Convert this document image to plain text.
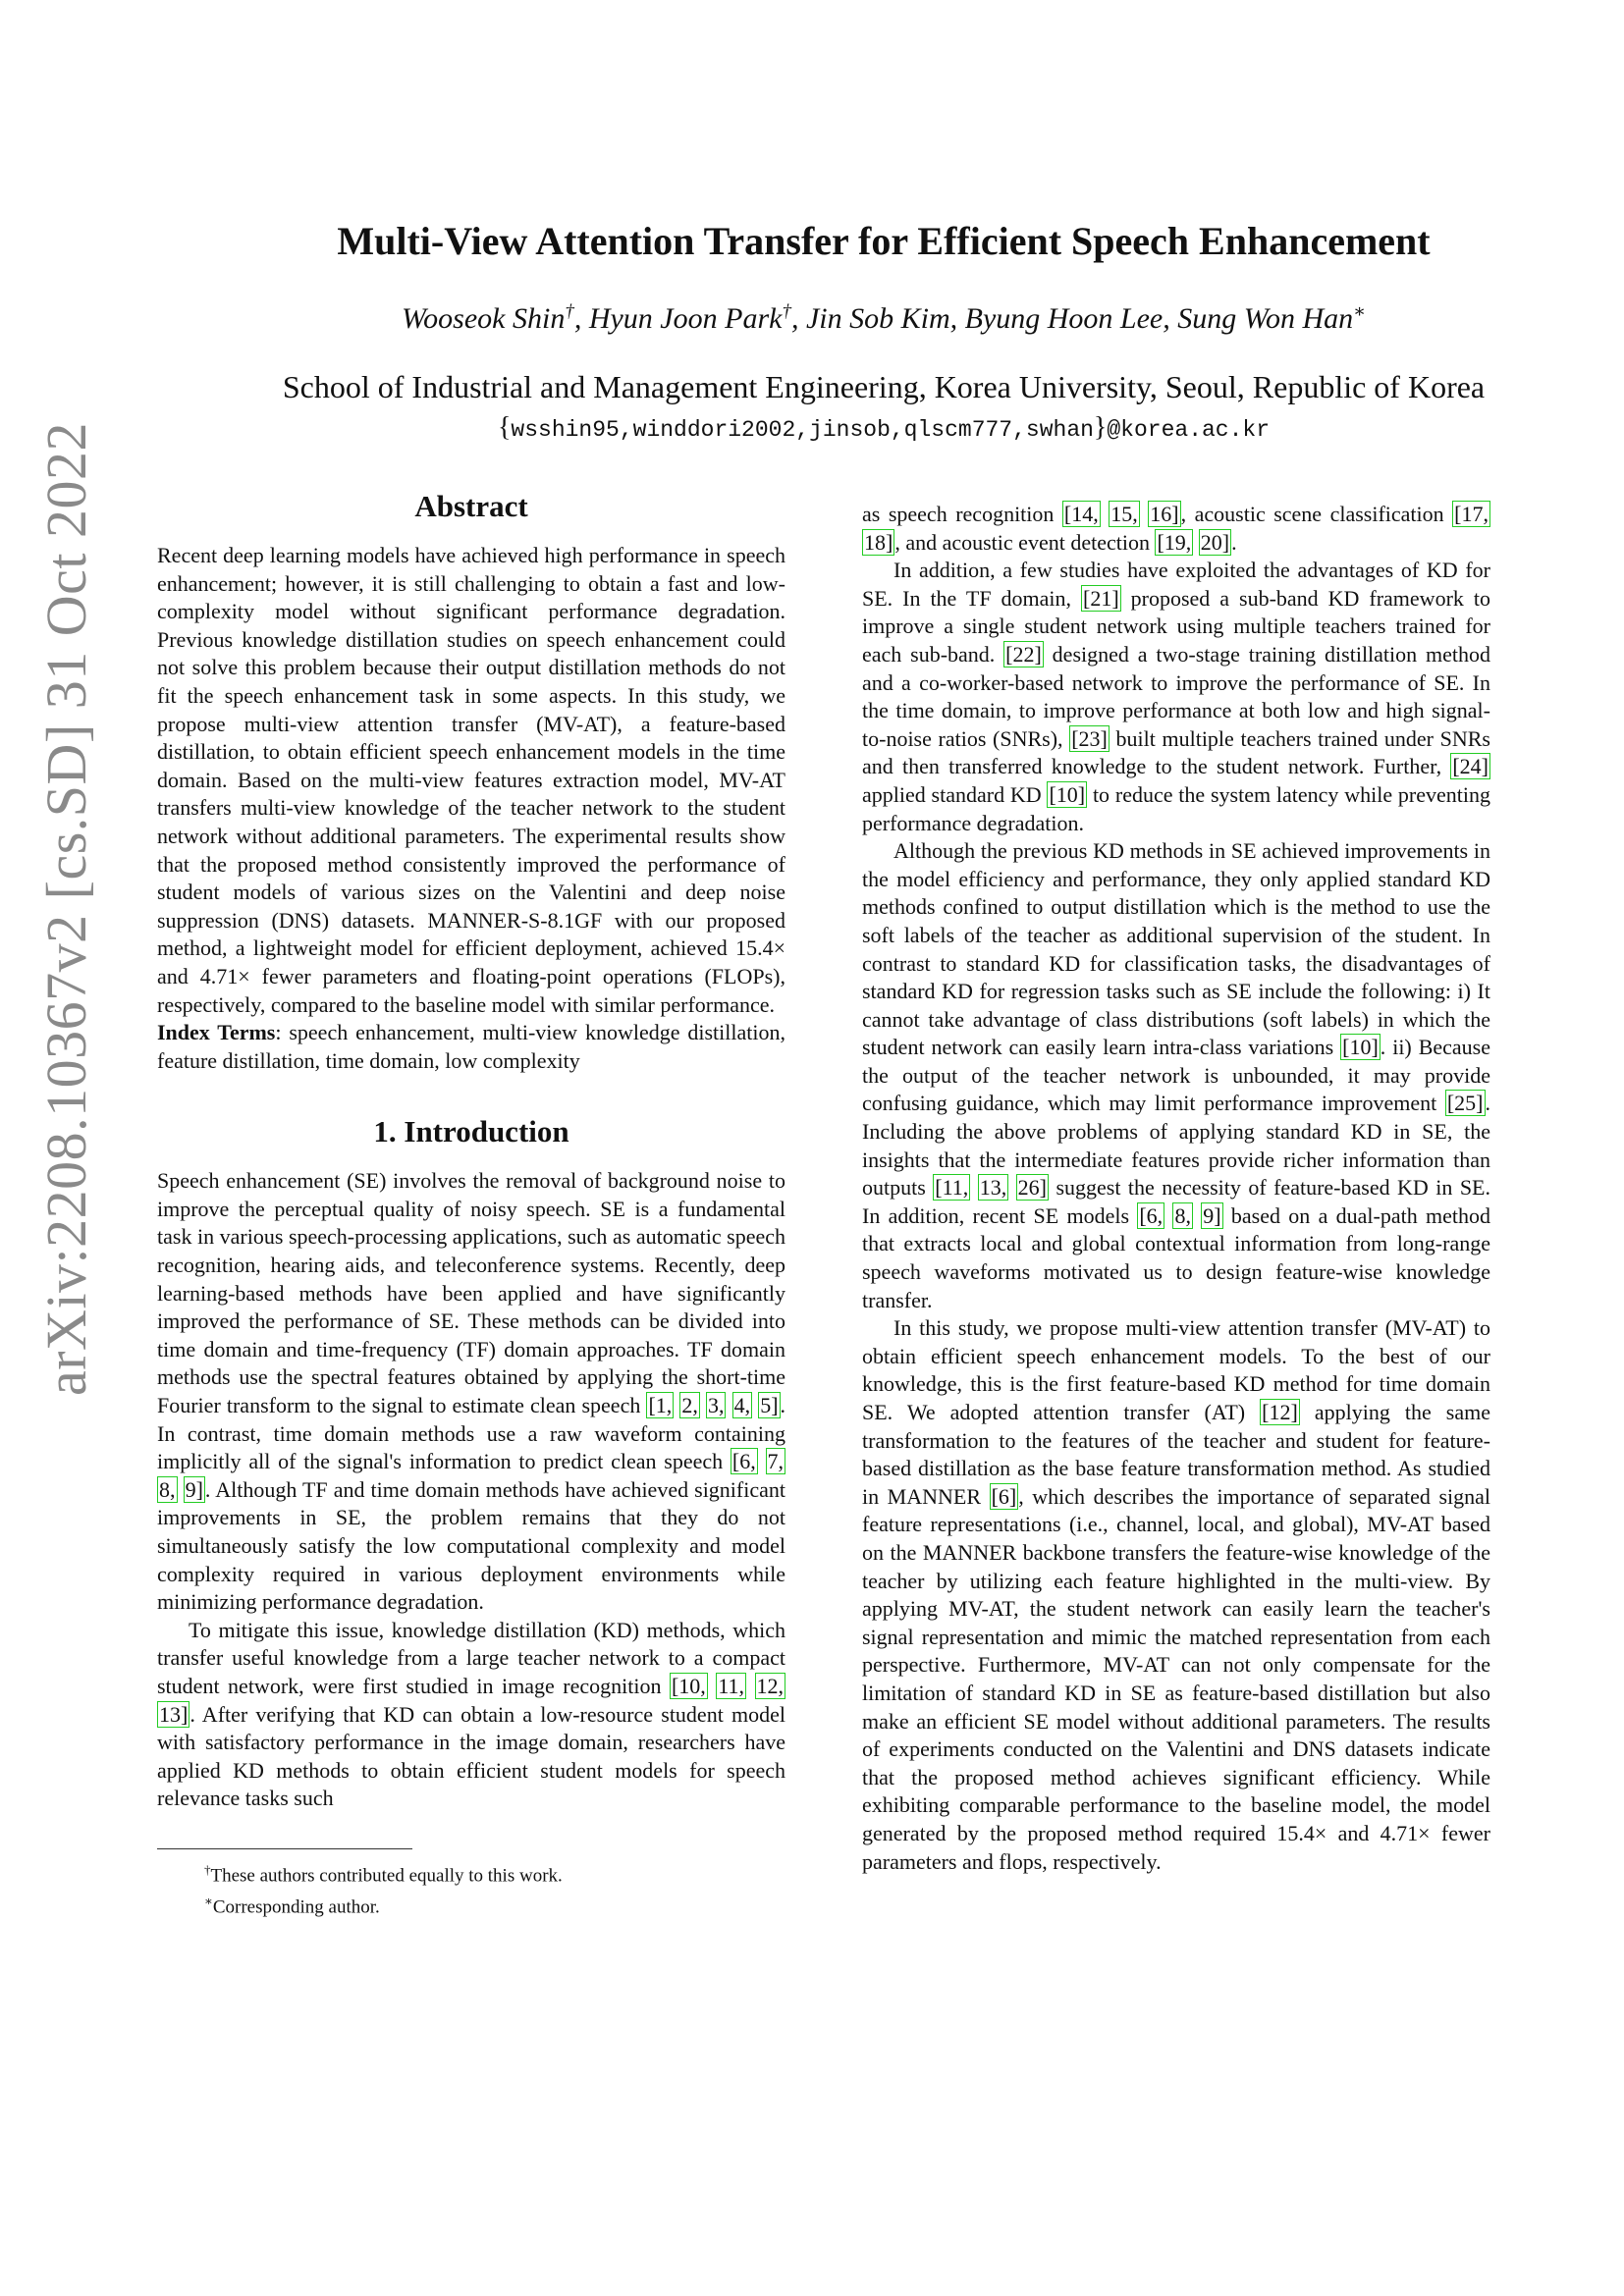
arXiv:2208.10367v2 [cs.SD] 31 Oct 2022
Multi-View Attention Transfer for Efficient Speech Enhancement
Wooseok Shin†, Hyun Joon Park†, Jin Sob Kim, Byung Hoon Lee, Sung Won Han∗
School of Industrial and Management Engineering, Korea University, Seoul, Republic of Korea
{wsshin95,winddori2002,jinsob,qlscm777,swhan}@korea.ac.kr
Abstract

Recent deep learning models have achieved high performance in speech enhancement; however, it is still challenging to obtain a fast and low-complexity model without significant performance degradation. Previous knowledge distillation studies on speech enhancement could not solve this problem because their output distillation methods do not fit the speech enhancement task in some aspects. In this study, we propose multi-view attention transfer (MV-AT), a feature-based distillation, to obtain efficient speech enhancement models in the time domain. Based on the multi-view features extraction model, MV-AT transfers multi-view knowledge of the teacher network to the student network without additional parameters. The experimental results show that the proposed method consistently improved the performance of student models of various sizes on the Valentini and deep noise suppression (DNS) datasets. MANNER-S-8.1GF with our proposed method, a lightweight model for efficient deployment, achieved 15.4× and 4.71× fewer parameters and floating-point operations (FLOPs), respectively, compared to the baseline model with similar performance.

Index Terms: speech enhancement, multi-view knowledge distillation, feature distillation, time domain, low complexity

1. Introduction

Speech enhancement (SE) involves the removal of background noise to improve the perceptual quality of noisy speech. SE is a fundamental task in various speech-processing applications, such as automatic speech recognition, hearing aids, and teleconference systems. Recently, deep learning-based methods have been applied and have significantly improved the performance of SE. These methods can be divided into time domain and time-frequency (TF) domain approaches. TF domain methods use the spectral features obtained by applying the short-time Fourier transform to the signal to estimate clean speech [1, 2, 3, 4, 5]. In contrast, time domain methods use a raw waveform containing implicitly all of the signal's information to predict clean speech [6, 7, 8, 9]. Although TF and time domain methods have achieved significant improvements in SE, the problem remains that they do not simultaneously satisfy the low computational complexity and model complexity required in various deployment environments while minimizing performance degradation.

To mitigate this issue, knowledge distillation (KD) methods, which transfer useful knowledge from a large teacher network to a compact student network, were first studied in image recognition [10, 11, 12, 13]. After verifying that KD can obtain a low-resource student model with satisfactory performance in the image domain, researchers have applied KD methods to obtain efficient student models for speech relevance tasks such

†These authors contributed equally to this work.
∗Corresponding author.

as speech recognition [14, 15, 16], acoustic scene classification [17, 18], and acoustic event detection [19, 20].

In addition, a few studies have exploited the advantages of KD for SE. In the TF domain, [21] proposed a sub-band KD framework to improve a single student network using multiple teachers trained for each sub-band. [22] designed a two-stage training distillation method and a co-worker-based network to improve the performance of SE. In the time domain, to improve performance at both low and high signal-to-noise ratios (SNRs), [23] built multiple teachers trained under SNRs and then transferred knowledge to the student network. Further, [24] applied standard KD [10] to reduce the system latency while preventing performance degradation.

Although the previous KD methods in SE achieved improvements in the model efficiency and performance, they only applied standard KD methods confined to output distillation which is the method to use the soft labels of the teacher as additional supervision of the student. In contrast to standard KD for classification tasks, the disadvantages of standard KD for regression tasks such as SE include the following: i) It cannot take advantage of class distributions (soft labels) in which the student network can easily learn intra-class variations [10]. ii) Because the output of the teacher network is unbounded, it may provide confusing guidance, which may limit performance improvement [25]. Including the above problems of applying standard KD in SE, the insights that the intermediate features provide richer information than outputs [11, 13, 26] suggest the necessity of feature-based KD in SE. In addition, recent SE models [6, 8, 9] based on a dual-path method that extracts local and global contextual information from long-range speech waveforms motivated us to design feature-wise knowledge transfer.

In this study, we propose multi-view attention transfer (MV-AT) to obtain efficient speech enhancement models. To the best of our knowledge, this is the first feature-based KD method for time domain SE. We adopted attention transfer (AT) [12] applying the same transformation to the features of the teacher and student for feature-based distillation as the base feature transformation method. As studied in MANNER [6], which describes the importance of separated signal feature representations (i.e., channel, local, and global), MV-AT based on the MANNER backbone transfers the feature-wise knowledge of the teacher by utilizing each feature highlighted in the multi-view. By applying MV-AT, the student network can easily learn the teacher's signal representation and mimic the matched representation from each perspective. Furthermore, MV-AT can not only compensate for the limitation of standard KD in SE as feature-based distillation but also make an efficient SE model without additional parameters. The results of experiments conducted on the Valentini and DNS datasets indicate that the proposed method achieves significant efficiency. While exhibiting comparable performance to the baseline model, the model generated by the proposed method required 15.4× and 4.71× fewer parameters and flops, respectively.
